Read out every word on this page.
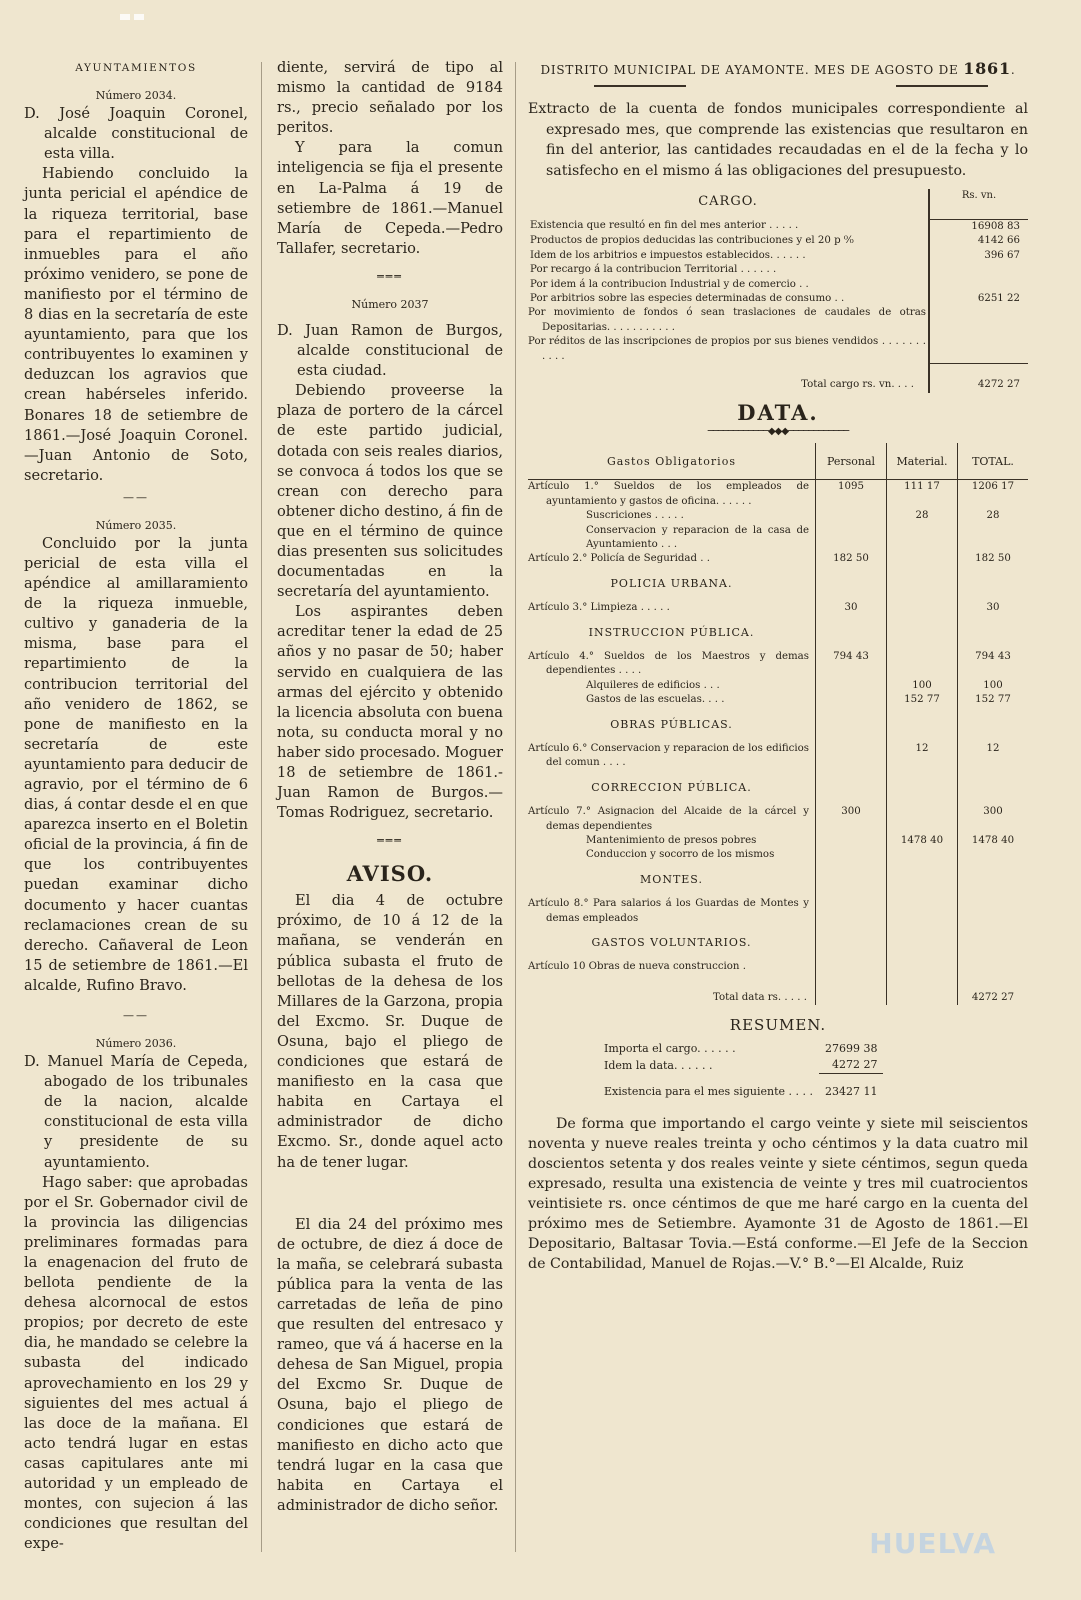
AYUNTAMIENTOS
Número 2034.

D. José Joaquin Coronel, alcalde constitucional de esta villa.

Habiendo concluido la junta pericial el apéndice de la riqueza territorial, base para el repartimiento de inmuebles para el año próximo venidero, se pone de manifiesto por el término de 8 dias en la secretaría de este ayuntamiento, para que los contribuyentes lo examinen y deduzcan los agravios que crean habérseles inferido. Bonares 18 de setiembre de 1861.—José Joaquin Coronel.—Juan Antonio de Soto, secretario.

——
Número 2035.

Concluido por la junta pericial de esta villa el apéndice al amillaramiento de la riqueza inmueble, cultivo y ganaderia de la misma, base para el repartimiento de la contribucion territorial del año venidero de 1862, se pone de manifiesto en la secretaría de este ayuntamiento para deducir de agravio, por el término de 6 dias, á contar desde el en que aparezca inserto en el Boletin oficial de la provincia, á fin de que los contribuyentes puedan examinar dicho documento y hacer cuantas reclamaciones crean de su derecho. Cañaveral de Leon 15 de setiembre de 1861.—El alcalde, Rufino Bravo.

——
Número 2036.

D. Manuel María de Cepeda, abogado de los tribunales de la nacion, alcalde constitucional de esta villa y presidente de su ayuntamiento.

Hago saber: que aprobadas por el Sr. Gobernador civil de la provincia las diligencias preliminares formadas para la enagenacion del fruto de bellota pendiente de la dehesa alcornocal de estos propios; por decreto de este dia, he mandado se celebre la subasta del indicado aprovechamiento en los 29 y siguientes del mes actual á las doce de la mañana. El acto tendrá lugar en estas casas capitulares ante mi autoridad y un empleado de montes, con sujecion á las condiciones que resultan del expe-

diente, servirá de tipo al mismo la cantidad de 9184 rs., precio señalado por los peritos.

Y para la comun inteligencia se fija el presente en La-Palma á 19 de setiembre de 1861.—Manuel María de Cepeda.—Pedro Tallafer, secretario.

═══
Número 2037

D. Juan Ramon de Burgos, alcalde constitucional de esta ciudad.

Debiendo proveerse la plaza de portero de la cárcel de este partido judicial, dotada con seis reales diarios, se convoca á todos los que se crean con derecho para obtener dicho destino, á fin de que en el término de quince dias presenten sus solicitudes documentadas en la secretaría del ayuntamiento.

Los aspirantes deben acreditar tener la edad de 25 años y no pasar de 50; haber servido en cualquiera de las armas del ejército y obtenido la licencia absoluta con buena nota, su conducta moral y no haber sido procesado. Moguer 18 de setiembre de 1861.-Juan Ramon de Burgos.—Tomas Rodriguez, secretario.

═══
AVISO.

El dia 4 de octubre próximo, de 10 á 12 de la mañana, se venderán en pública subasta el fruto de bellotas de la dehesa de los Millares de la Garzona, propia del Excmo. Sr. Duque de Osuna, bajo el pliego de condiciones que estará de manifiesto en la casa que habita en Cartaya el administrador de dicho Excmo. Sr., donde aquel acto ha de tener lugar.

El dia 24 del próximo mes de octubre, de diez á doce de la maña, se celebrará subasta pública para la venta de las carretadas de leña de pino que resulten del entresaco y rameo, que vá á hacerse en la dehesa de San Miguel, propia del Excmo Sr. Duque de Osuna, bajo el pliego de condiciones que estará de manifiesto en dicho acto que tendrá lugar en la casa que habita en Cartaya el administrador de dicho señor.

DISTRITO MUNICIPAL DE AYAMONTE. MES DE AGOSTO DE 1861.

Extracto de la cuenta de fondos municipales correspondiente al expresado mes, que comprende las existencias que resultaron en fin del anterior, las cantidades recaudadas en el de la fecha y lo satisfecho en el mismo á las obligaciones del presupuesto.

CARGO.	Rs. vn.
Existencia que resultó en fin del mes anterior . . . . .	16908 83
Productos de propios deducidas las contribuciones y el 20 p ⁰⁄₀	4142 66
Idem de los arbitrios e impuestos establecidos. . . . . .	396 67
Por recargo á la contribucion Territorial . . . . . .	
Por idem á la contribucion Industrial y de comercio . .	
Por arbitrios sobre las especies determinadas de consumo . .	6251 22
Por movimiento de fondos ó sean traslaciones de caudales de otras Depositarias. . . . . . . . . . .	
Por réditos de las inscripciones de propios por sus bienes vendidos . . . . . . . . . . .	
Total cargo rs. vn. . . .	4272 27
DATA.
────────────◆◆◆────────────
Gastos Obligatorios	Personal	Material.	TOTAL.
Artículo 1.° Sueldos de los empleados de ayuntamiento y gastos de oficina. . . . . .	1095	111 17	1206 17
Suscriciones . . . . .		28	28
Conservacion y reparacion de la casa de Ayuntamiento . . .			
Artículo 2.° Policía de Seguridad . .	182 50		182 50
POLICIA URBANA.			
Artículo 3.° Limpieza . . . . .	30		30
INSTRUCCION PÚBLICA.			
Artículo 4.° Sueldos de los Maestros y demas dependientes . . . .	794 43		794 43
Alquileres de edificios . . .		100	100
Gastos de las escuelas. . . .		152 77	152 77
OBRAS PÚBLICAS.			
Artículo 6.° Conservacion y reparacion de los edificios del comun . . . .		12	12
CORRECCION PÚBLICA.			
Artículo 7.° Asignacion del Alcaide de la cárcel y demas dependientes	300		300
Mantenimiento de presos pobres		1478 40	1478 40
Conduccion y socorro de los mismos			
MONTES.			
Artículo 8.° Para salarios á los Guardas de Montes y demas empleados			
GASTOS VOLUNTARIOS.			
Artículo 10 Obras de nueva construccion .			
Total data rs. . . . .			4272 27
RESUMEN.
Importa el cargo. . . . . .	27699 38
Idem la data. . . . . .	4272 27
Existencia para el mes siguiente . . . .	23427 11

De forma que importando el cargo veinte y siete mil seiscientos noventa y nueve reales treinta y ocho céntimos y la data cuatro mil doscientos setenta y dos reales veinte y siete céntimos, segun queda expresado, resulta una existencia de veinte y tres mil cuatrocientos veintisiete rs. once céntimos de que me haré cargo en la cuenta del próximo mes de Setiembre. Ayamonte 31 de Agosto de 1861.—El Depositario, Baltasar Tovia.—Está conforme.—El Jefe de la Seccion de Contabilidad, Manuel de Rojas.—V.° B.°—El Alcalde, Ruiz

HUELVA
